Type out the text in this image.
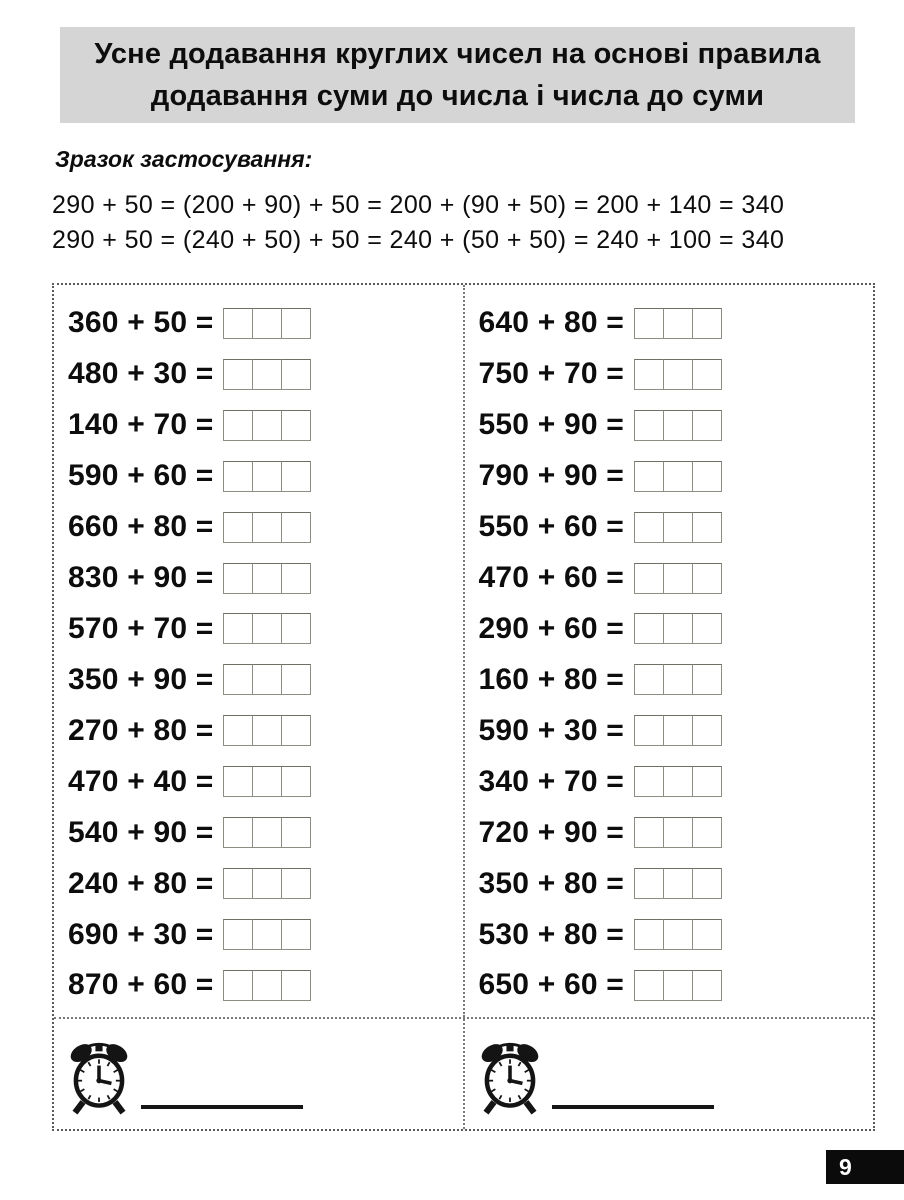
Усне додавання круглих чисел на основі правила
додавання суми до числа і числа до суми
Зразок застосування:
290 + 50 = (200 + 90) + 50 = 200 + (90 + 50) = 200 + 140 = 340
290 + 50 = (240 + 50) + 50 = 240 + (50 + 50) = 240 + 100 = 340
360 + 50 =
480 + 30 =
140 + 70 =
590 + 60 =
660 + 80 =
830 + 90 =
570 + 70 =
350 + 90 =
270 + 80 =
470 + 40 =
540 + 90 =
240 + 80 =
690 + 30 =
870 + 60 =
640 + 80 =
750 + 70 =
550 + 90 =
790 + 90 =
550 + 60 =
470 + 60 =
290 + 60 =
160 + 80 =
590 + 30 =
340 + 70 =
720 + 90 =
350 + 80 =
530 + 80 =
650 + 60 =
9
